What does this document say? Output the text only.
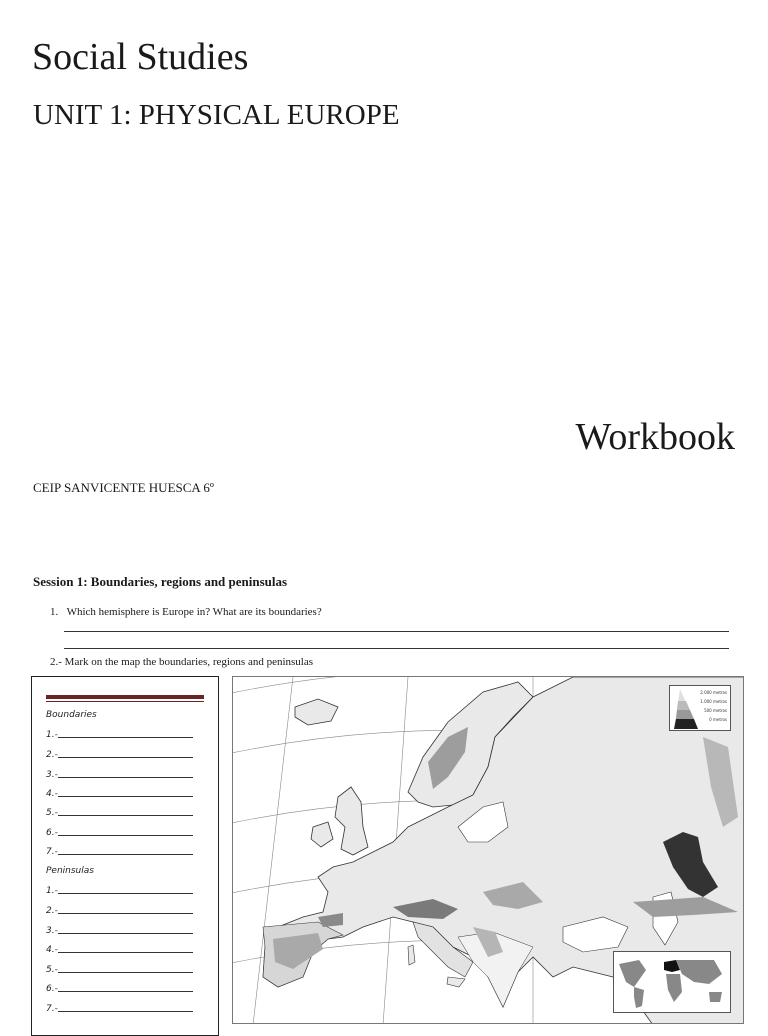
Social Studies
UNIT 1: PHYSICAL EUROPE
Workbook
CEIP SANVICENTE HUESCA 6º
Session 1: Boundaries, regions and peninsulas
1. Which hemisphere is Europe in? What are its boundaries?
2.- Mark on the map the boundaries, regions and peninsulas
Boundaries
1.-
2.-
3.-
4.-
5.-
6.-
7.-
Peninsulas
1.-
2.-
3.-
4.-
5.-
6.-
7.-
2.000 metros
1.000 metros
500 metros
0 metros
